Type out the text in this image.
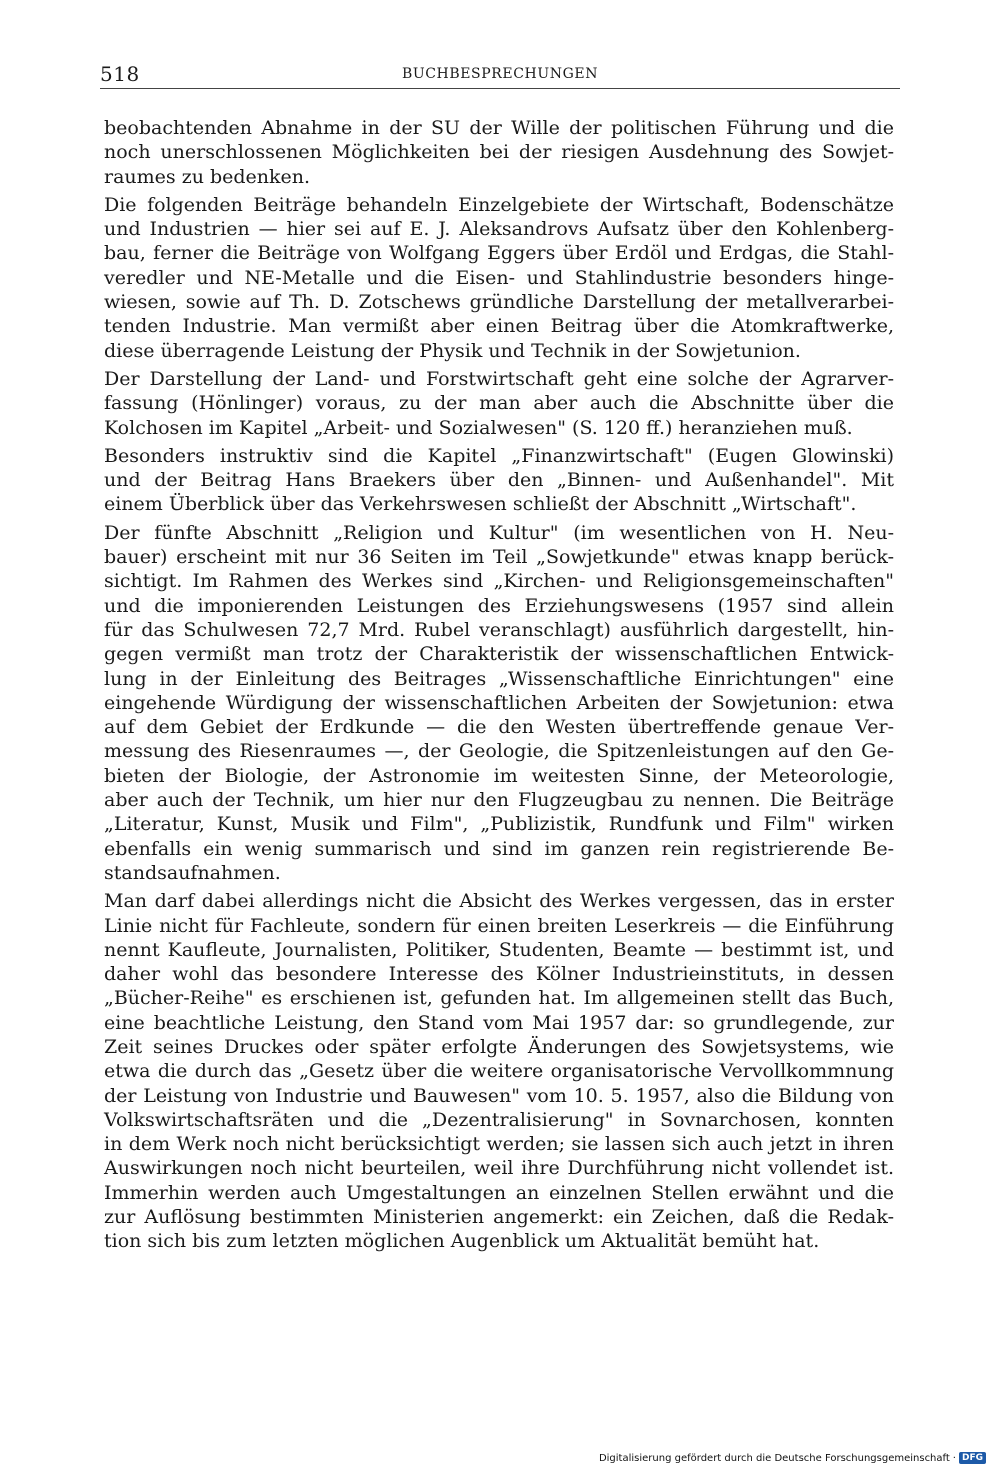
518	BUCHBESPRECHUNGEN

beobachtenden Abnahme in der SU der Wille der politischen Führung und die

noch unerschlossenen Möglichkeiten bei der riesigen Ausdehnung des Sowjet-

raumes zu bedenken.

Die folgenden Beiträge behandeln Einzelgebiete der Wirtschaft, Bodenschätze

und Industrien — hier sei auf E. J. Aleksandrovs Aufsatz über den Kohlenberg-

bau, ferner die Beiträge von Wolfgang Eggers über Erdöl und Erdgas, die Stahl-

veredler und NE-Metalle und die Eisen- und Stahlindustrie besonders hinge-

wiesen, sowie auf Th. D. Zotschews gründliche Darstellung der metallverarbei-

tenden Industrie. Man vermißt aber einen Beitrag über die Atomkraftwerke,

diese überragende Leistung der Physik und Technik in der Sowjetunion.

Der Darstellung der Land- und Forstwirtschaft geht eine solche der Agrarver-

fassung (Hönlinger) voraus, zu der man aber auch die Abschnitte über die

Kolchosen im Kapitel „Arbeit- und Sozialwesen" (S. 120 ff.) heranziehen muß.

Besonders instruktiv sind die Kapitel „Finanzwirtschaft" (Eugen Glowinski)

und der Beitrag Hans Braekers über den „Binnen- und Außenhandel". Mit

einem Überblick über das Verkehrswesen schließt der Abschnitt „Wirtschaft".

Der fünfte Abschnitt „Religion und Kultur" (im wesentlichen von H. Neu-

bauer) erscheint mit nur 36 Seiten im Teil „Sowjetkunde" etwas knapp berück-

sichtigt. Im Rahmen des Werkes sind „Kirchen- und Religionsgemeinschaften"

und die imponierenden Leistungen des Erziehungswesens (1957 sind allein

für das Schulwesen 72,7 Mrd. Rubel veranschlagt) ausführlich dargestellt, hin-

gegen vermißt man trotz der Charakteristik der wissenschaftlichen Entwick-

lung in der Einleitung des Beitrages „Wissenschaftliche Einrichtungen" eine

eingehende Würdigung der wissenschaftlichen Arbeiten der Sowjetunion: etwa

auf dem Gebiet der Erdkunde — die den Westen übertreffende genaue Ver-

messung des Riesenraumes —, der Geologie, die Spitzenleistungen auf den Ge-

bieten der Biologie, der Astronomie im weitesten Sinne, der Meteorologie,

aber auch der Technik, um hier nur den Flugzeugbau zu nennen. Die Beiträge

„Literatur, Kunst, Musik und Film", „Publizistik, Rundfunk und Film" wirken

ebenfalls ein wenig summarisch und sind im ganzen rein registrierende Be-

standsaufnahmen.

Man darf dabei allerdings nicht die Absicht des Werkes vergessen, das in erster

Linie nicht für Fachleute, sondern für einen breiten Leserkreis — die Einführung

nennt Kaufleute, Journalisten, Politiker, Studenten, Beamte — bestimmt ist, und

daher wohl das besondere Interesse des Kölner Industrieinstituts, in dessen

„Bücher-Reihe" es erschienen ist, gefunden hat. Im allgemeinen stellt das Buch,

eine beachtliche Leistung, den Stand vom Mai 1957 dar: so grundlegende, zur

Zeit seines Druckes oder später erfolgte Änderungen des Sowjetsystems, wie

etwa die durch das „Gesetz über die weitere organisatorische Vervollkommnung

der Leistung von Industrie und Bauwesen" vom 10. 5. 1957, also die Bildung von

Volkswirtschaftsräten und die „Dezentralisierung" in Sovnarchosen, konnten

in dem Werk noch nicht berücksichtigt werden; sie lassen sich auch jetzt in ihren

Auswirkungen noch nicht beurteilen, weil ihre Durchführung nicht vollendet ist.

Immerhin werden auch Umgestaltungen an einzelnen Stellen erwähnt und die

zur Auflösung bestimmten Ministerien angemerkt: ein Zeichen, daß die Redak-

tion sich bis zum letzten möglichen Augenblick um Aktualität bemüht hat.

Digitalisierung gefördert durch die Deutsche Forschungsgemeinschaft · DFG
